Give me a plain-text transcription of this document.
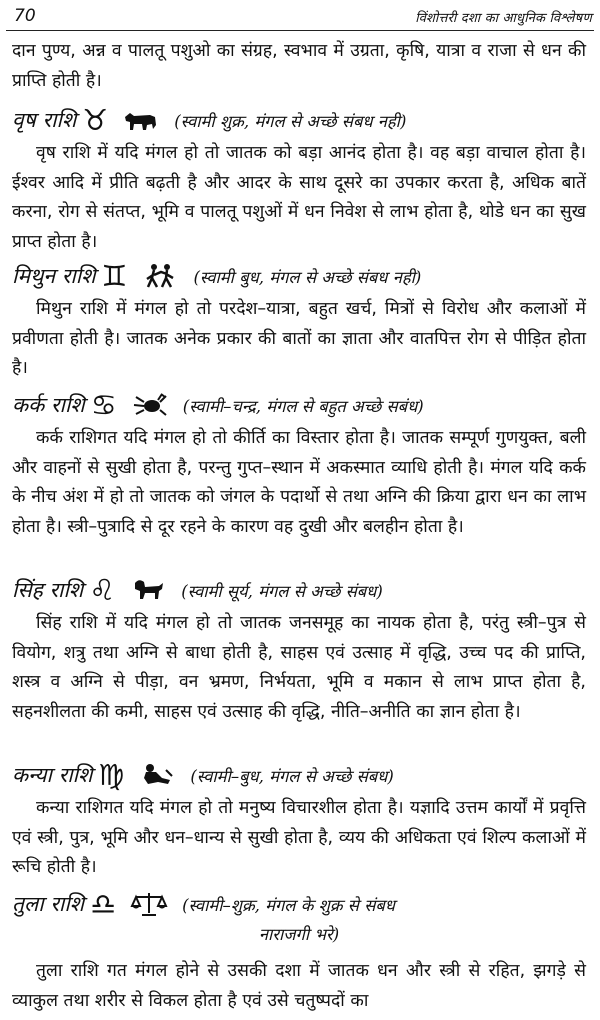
70	विंशोत्तरी दशा का आधुनिक विश्लेषण

दान पुण्य, अन्न व पालतू पशुओ का संग्रह, स्वभाव में उग्रता, कृषि, यात्रा व राजा से धन की प्राप्ति होती है।

वृष राशि ♉	(स्वामी शुक्र, मंगल से अच्छे संबध नही)

वृष राशि में यदि मंगल हो तो जातक को बड़ा आनंद होता है। वह बड़ा वाचाल होता है। ईश्वर आदि में प्रीति बढ़ती है और आदर के साथ दूसरे का उपकार करता है, अधिक बातें करना, रोग से संतप्त, भूमि व पालतू पशुओं में धन निवेश से लाभ होता है, थोडे धन का सुख प्राप्त होता है।

मिथुन राशि ♊	(स्वामी बुध, मंगल से अच्छे संबध नही)

मिथुन राशि में मंगल हो तो परदेश–यात्रा, बहुत खर्च, मित्रों से विरोध और कलाओं में प्रवीणता होती है। जातक अनेक प्रकार की बातों का ज्ञाता और वातपित्त रोग से पीड़ित होता है।

कर्क राशि ♋	(स्वामी–चन्द्र, मंगल से बहुत अच्छे सबंध)

कर्क राशिगत यदि मंगल हो तो कीर्ति का विस्तार होता है। जातक सम्पूर्ण गुणयुक्त, बली और वाहनों से सुखी होता है, परन्तु गुप्त–स्थान में अकस्मात व्याधि होती है। मंगल यदि कर्क के नीच अंश में हो तो जातक को जंगल के पदार्थो से तथा अग्नि की क्रिया द्वारा धन का लाभ होता है। स्त्री–पुत्रादि से दूर रहने के कारण वह दुखी और बलहीन होता है।

सिंह राशि ♌	(स्वामी सूर्य, मंगल से अच्छे संबध)

सिंह राशि में यदि मंगल हो तो जातक जनसमूह का नायक होता है, परंतु स्त्री–पुत्र से वियोग, शत्रु तथा अग्नि से बाधा होती है, साहस एवं उत्साह में वृद्धि, उच्च पद की प्राप्ति, शस्त्र व अग्नि से पीड़ा, वन भ्रमण, निर्भयता, भूमि व मकान से लाभ प्राप्त होता है, सहनशीलता की कमी, साहस एवं उत्साह की वृद्धि, नीति–अनीति का ज्ञान होता है।

कन्या राशि ♍	(स्वामी–बुध, मंगल से अच्छे संबध)

कन्या राशिगत यदि मंगल हो तो मनुष्य विचारशील होता है। यज्ञादि उत्तम कार्यों में प्रवृत्ति एवं स्त्री, पुत्र, भूमि और धन–धान्य से सुखी होता है, व्यय की अधिकता एवं शिल्प कलाओं में रूचि होती है।

तुला राशि ♎	(स्वामी–शुक्र, मंगल के शुक्र से संबध
नाराजगी भरे)

तुला राशि गत मंगल होने से उसकी दशा में जातक धन और स्त्री से रहित, झगड़े से व्याकुल तथा शरीर से विकल होता है एवं उसे चतुष्पदों का
